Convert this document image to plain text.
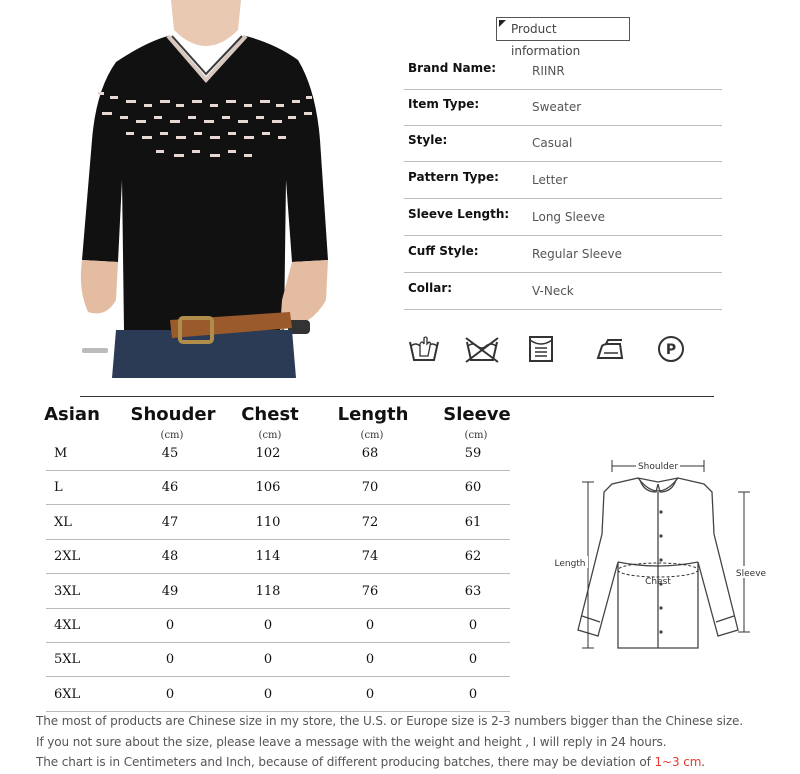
Product information
Brand Name:	RIINR
Item Type:	Sweater
Style:	Casual
Pattern Type:	Letter
Sleeve Length: Long Sleeve
Cuff Style:	Regular Sleeve
Collar:	V-Neck
P
Asian Shouder Chest Length Sleeve
(cm)	(cm)	(cm)	(cm)
M	45	102	68	59
L	46	106	70	60
XL	47	110	72	61
2XL	48	114	74	62
3XL	49	118	76	63
4XL	0	0	0	0
5XL	0	0	0	0
6XL	0	0	0	0
Shoulder
Length
Chest
Sleeve
The most of products are Chinese size in my store, the U.S. or Europe size is 2-3 numbers bigger than the Chinese size.
If you not sure about the size, please leave a message with the weight and height , I will reply in 24 hours.
The chart is in Centimeters and Inch, because of different producing batches, there may be deviation of 1~3 cm.
